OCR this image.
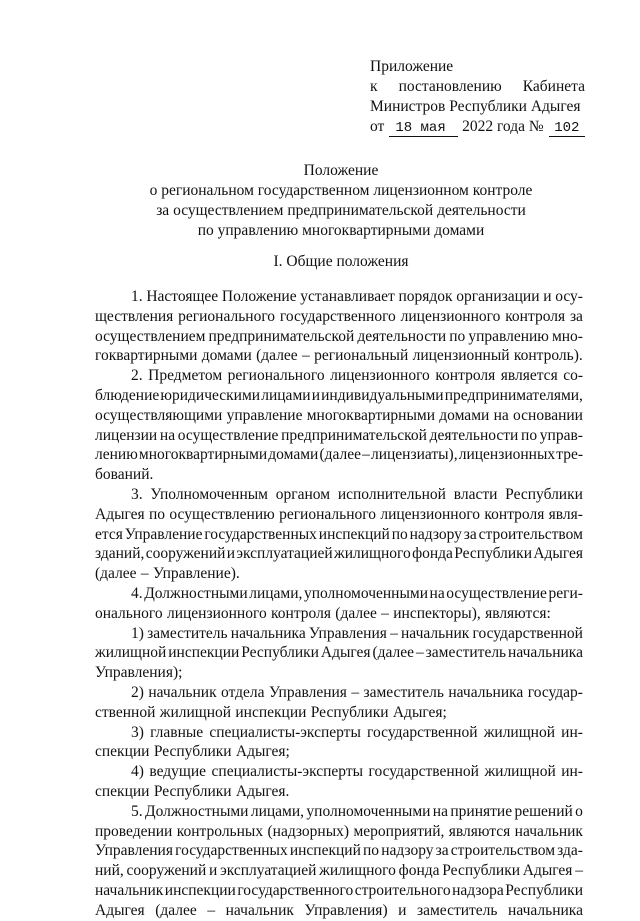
Приложение
к постановлению Кабинета
Министров Республики Адыгея
от 18 мая	2022 года № 102
Положение
о региональном государственном лицензионном контроле
за осуществлением предпринимательской деятельности
по управлению многоквартирными домами
I. Общие положения
1. Настоящее Положение устанавливает порядок организации и осу-
ществления регионального государственного лицензионного контроля за
осуществлением предпринимательской деятельности по управлению мно-
гоквартирными домами (далее – региональный лицензионный контроль).
2. Предметом регионального лицензионного контроля является со-
блюдение юридическими лицами и индивидуальными предпринимателями,
осуществляющими управление многоквартирными домами на основании
лицензии на осуществление предпринимательской деятельности по управ-
лению многоквартирными домами (далее – лицензиаты), лицензионных тре-
бований.
3. Уполномоченным органом исполнительной власти Республики
Адыгея по осуществлению регионального лицензионного контроля явля-
ется Управление государственных инспекций по надзору за строительством
зданий, сооружений и эксплуатацией жилищного фонда Республики Адыгея
(далее – Управление).
4. Должностными лицами, уполномоченными на осуществление реги-
онального лицензионного контроля (далее – инспекторы), являются:
1) заместитель начальника Управления – начальник государственной
жилищной инспекции Республики Адыгея (далее – заместитель начальника
Управления);
2) начальник отдела Управления – заместитель начальника государ-
ственной жилищной инспекции Республики Адыгея;
3) главные специалисты-эксперты государственной жилищной ин-
спекции Республики Адыгея;
4) ведущие специалисты-эксперты государственной жилищной ин-
спекции Республики Адыгея.
5. Должностными лицами, уполномоченными на принятие решений о
проведении контрольных (надзорных) мероприятий, являются начальник
Управления государственных инспекций по надзору за строительством зда-
ний, сооружений и эксплуатацией жилищного фонда Республики Адыгея –
начальник инспекции государственного строительного надзора Республики
Адыгея (далее – начальник Управления) и заместитель начальника
